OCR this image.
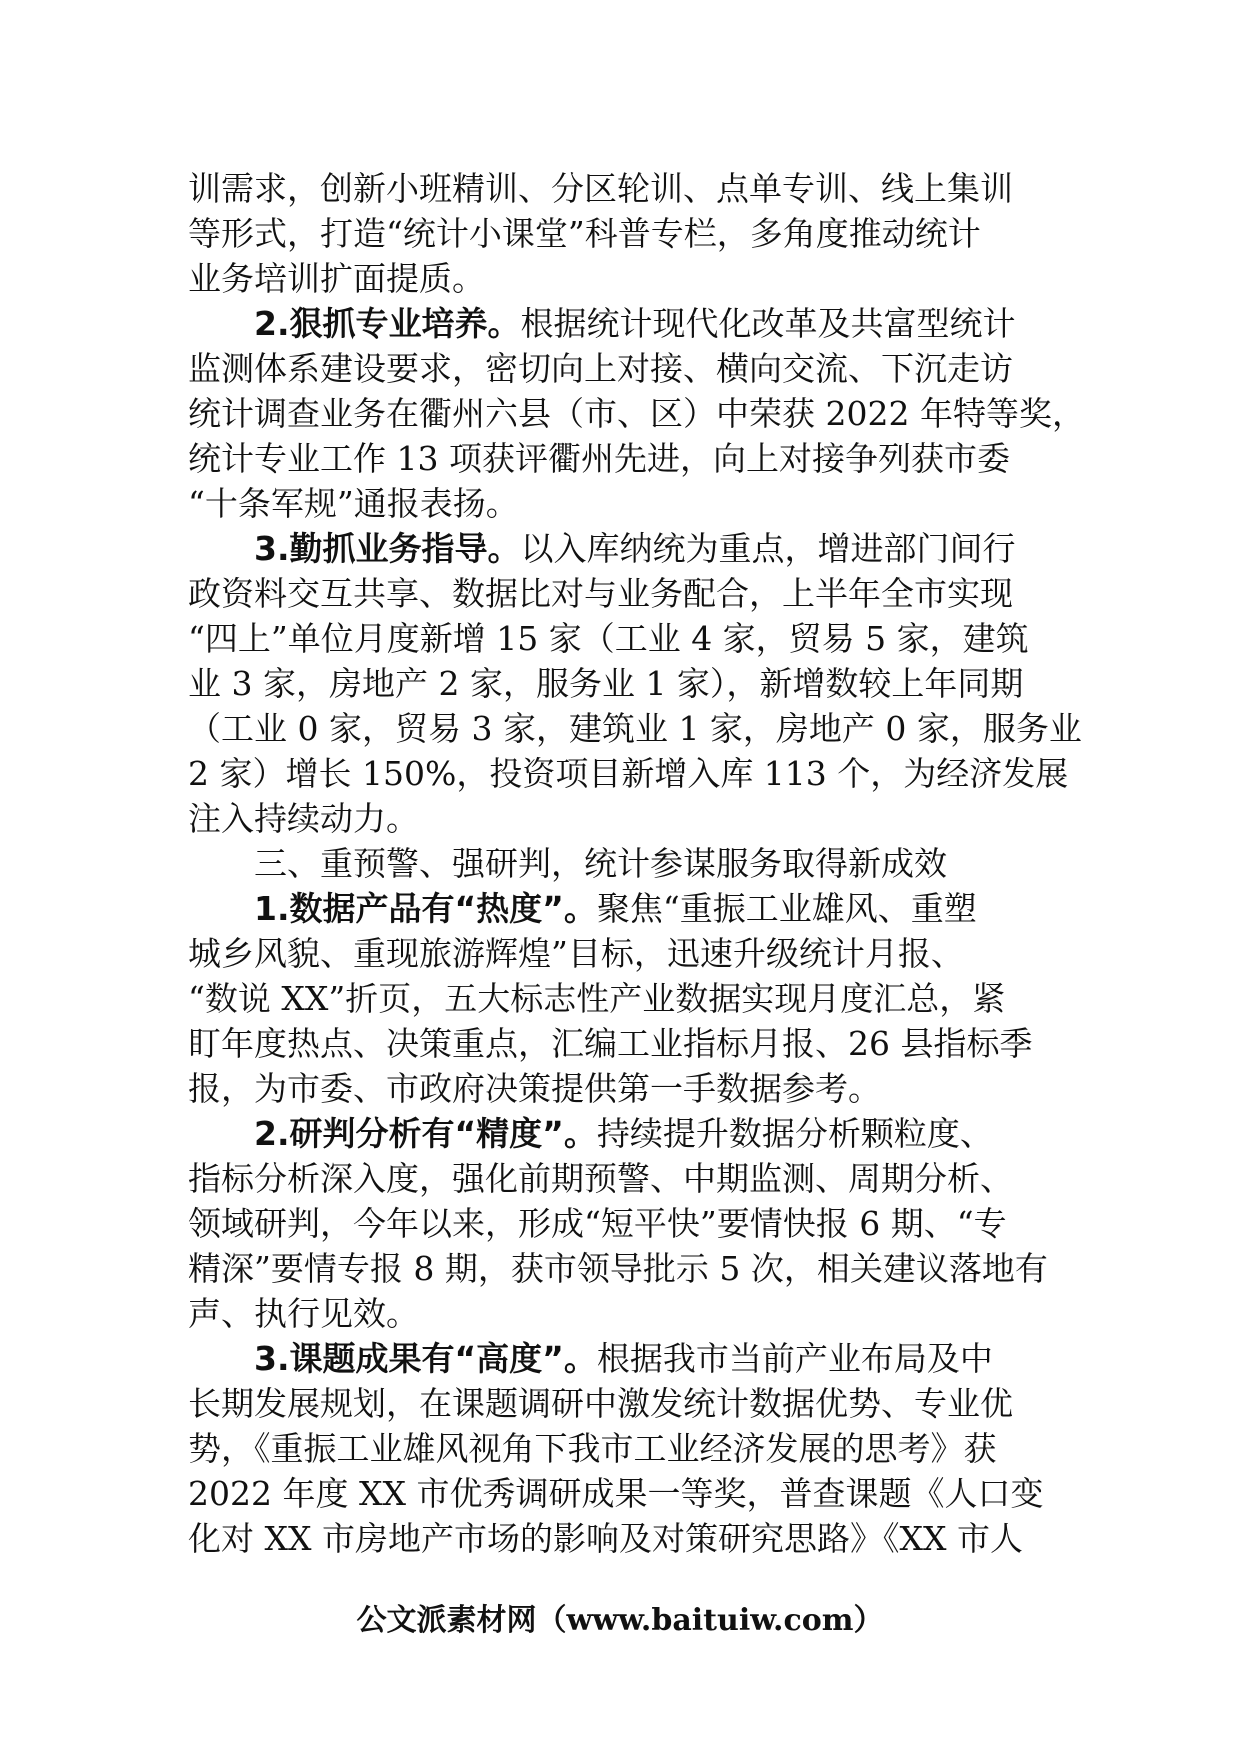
训需求，创新小班精训、分区轮训、点单专训、线上集训
等形式，打造“统计小课堂”科普专栏，多角度推动统计
业务培训扩面提质。
2.狠抓专业培养。根据统计现代化改革及共富型统计
监测体系建设要求，密切向上对接、横向交流、下沉走访
统计调查业务在衢州六县（市、区）中荣获 2022 年特等奖，
统计专业工作 13 项获评衢州先进，向上对接争列获市委
“十条军规”通报表扬。
3.勤抓业务指导。以入库纳统为重点，增进部门间行
政资料交互共享、数据比对与业务配合，上半年全市实现
“四上”单位月度新增 15 家（工业 4 家，贸易 5 家，建筑
业 3 家，房地产 2 家，服务业 1 家），新增数较上年同期
（工业 0 家，贸易 3 家，建筑业 1 家，房地产 0 家，服务业
2 家）增长 150%，投资项目新增入库 113 个，为经济发展
注入持续动力。
三、重预警、强研判，统计参谋服务取得新成效
1.数据产品有“热度”。聚焦“重振工业雄风、重塑
城乡风貌、重现旅游辉煌”目标，迅速升级统计月报、
“数说 XX”折页，五大标志性产业数据实现月度汇总，紧
盯年度热点、决策重点，汇编工业指标月报、26 县指标季
报，为市委、市政府决策提供第一手数据参考。
2.研判分析有“精度”。持续提升数据分析颗粒度、
指标分析深入度，强化前期预警、中期监测、周期分析、
领域研判，今年以来，形成“短平快”要情快报 6 期、“专
精深”要情专报 8 期，获市领导批示 5 次，相关建议落地有
声、执行见效。
3.课题成果有“高度”。根据我市当前产业布局及中
长期发展规划，在课题调研中激发统计数据优势、专业优
势，《重振工业雄风视角下我市工业经济发展的思考》获
2022 年度 XX 市优秀调研成果一等奖，普查课题《人口变
化对 XX 市房地产市场的影响及对策研究思路》《XX 市人
公文派素材网（www.baituiw.com）
